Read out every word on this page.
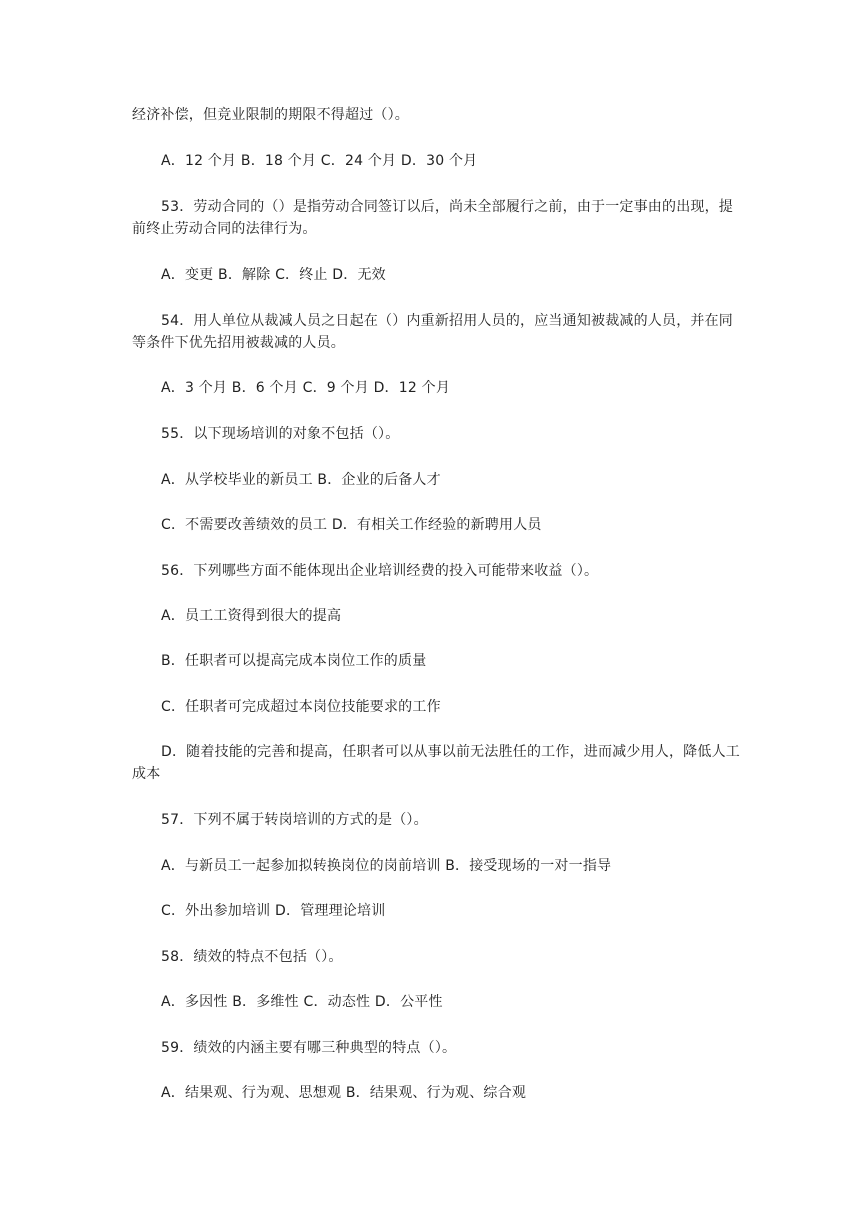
经济补偿，但竞业限制的期限不得超过（）。

A．12 个月 B．18 个月 C．24 个月 D．30 个月

53．劳动合同的（）是指劳动合同签订以后，尚未全部履行之前，由于一定事由的出现，提前终止劳动合同的法律行为。

A．变更 B．解除 C．终止 D．无效

54．用人单位从裁减人员之日起在（）内重新招用人员的，应当通知被裁减的人员，并在同等条件下优先招用被裁减的人员。

A．3 个月 B．6 个月 C．9 个月 D．12 个月

55．以下现场培训的对象不包括（）。

A．从学校毕业的新员工 B．企业的后备人才

C．不需要改善绩效的员工 D．有相关工作经验的新聘用人员

56．下列哪些方面不能体现出企业培训经费的投入可能带来收益（）。

A．员工工资得到很大的提高

B．任职者可以提高完成本岗位工作的质量

C．任职者可完成超过本岗位技能要求的工作

D．随着技能的完善和提高，任职者可以从事以前无法胜任的工作，进而减少用人，降低人工成本

57．下列不属于转岗培训的方式的是（）。

A．与新员工一起参加拟转换岗位的岗前培训 B．接受现场的一对一指导

C．外出参加培训 D．管理理论培训

58．绩效的特点不包括（）。

A．多因性 B．多维性 C．动态性 D．公平性

59．绩效的内涵主要有哪三种典型的特点（）。

A．结果观、行为观、思想观 B．结果观、行为观、综合观
